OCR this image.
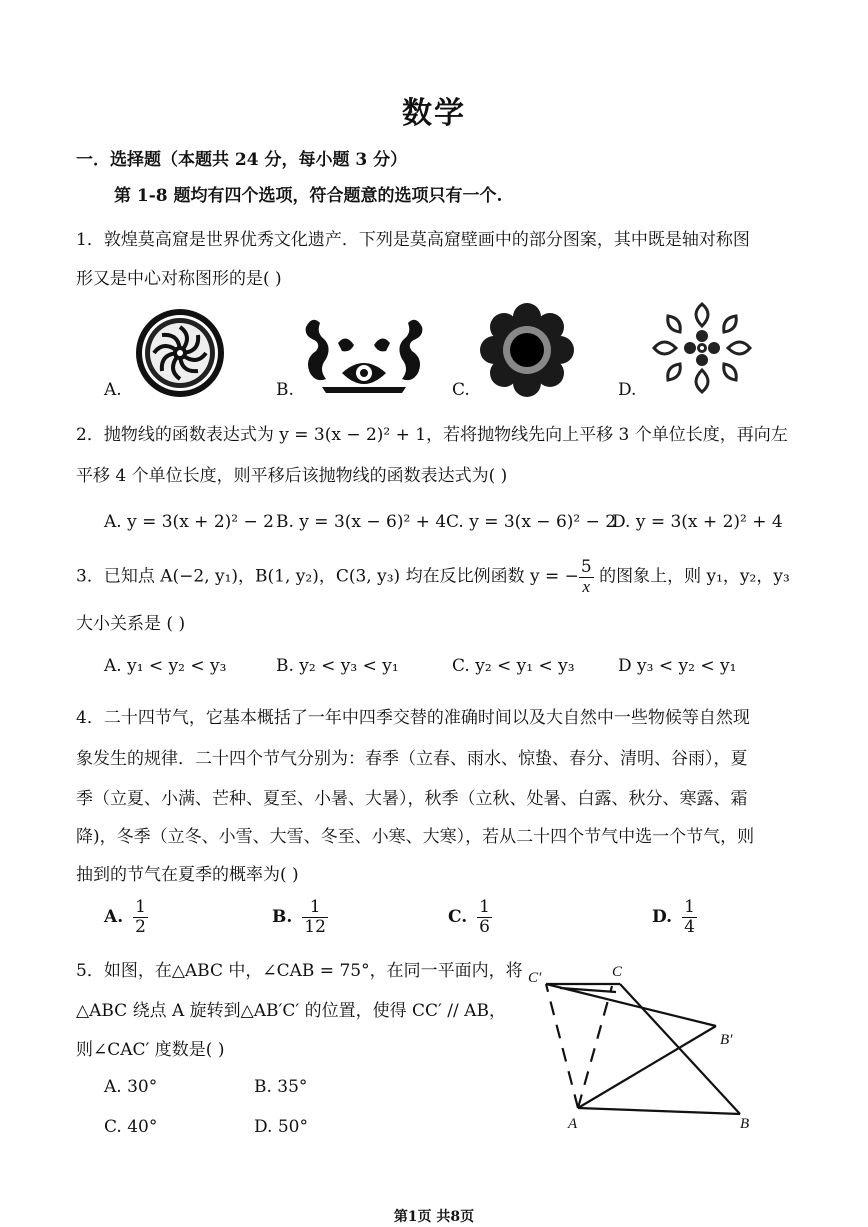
数学
一．选择题（本题共 24 分，每小题 3 分）
第 1-8 题均有四个选项，符合题意的选项只有一个.
1．敦煌莫高窟是世界优秀文化遗产．下列是莫高窟壁画中的部分图案，其中既是轴对称图
形又是中心对称图形的是( )
A.	B.	C.	D.
2．抛物线的函数表达式为 y = 3(x − 2)² + 1，若将抛物线先向上平移 3 个单位长度，再向左
平移 4 个单位长度，则平移后该抛物线的函数表达式为( )
A. y = 3(x + 2)² − 2 B. y = 3(x − 6)² + 4 C. y = 3(x − 6)² − 2
D. y = 3(x + 2)² + 4
3．已知点 A(−2, y₁)，B(1, y₂)，C(3, y₃) 均在反比例函数 y = − $\frac{5}{x}$ 的图象上，则 y₁，y₂，y₃
大小关系是 ( )
A. y₁ < y₂ < y₃	B. y₂ < y₃ < y₁	C. y₂ < y₁ < y₃	D y₃ < y₂ < y₁
4．二十四节气，它基本概括了一年中四季交替的准确时间以及大自然中一些物候等自然现
象发生的规律．二十四个节气分别为：春季（立春、雨水、惊蛰、春分、清明、谷雨），夏
季（立夏、小满、芒种、夏至、小暑、大暑），秋季（立秋、处暑、白露、秋分、寒露、霜
降)，冬季（立冬、小雪、大雪、冬至、小寒、大寒），若从二十四个节气中选一个节气，则
抽到的节气在夏季的概率为( )
A. $\frac{1}{2}$	B. $\frac{1}{12}$	C. $\frac{1}{6}$	D. $\frac{1}{4}$
5．如图，在△ABC 中，∠CAB = 75°，在同一平面内，将
△ABC 绕点 A 旋转到△AB′C′ 的位置，使得 CC′ // AB，
则∠CAC′ 度数是( )
A. 30°	B. 35°
C. 40°	D. 50°
C′	C
B′
A	B
第1页 共8页
